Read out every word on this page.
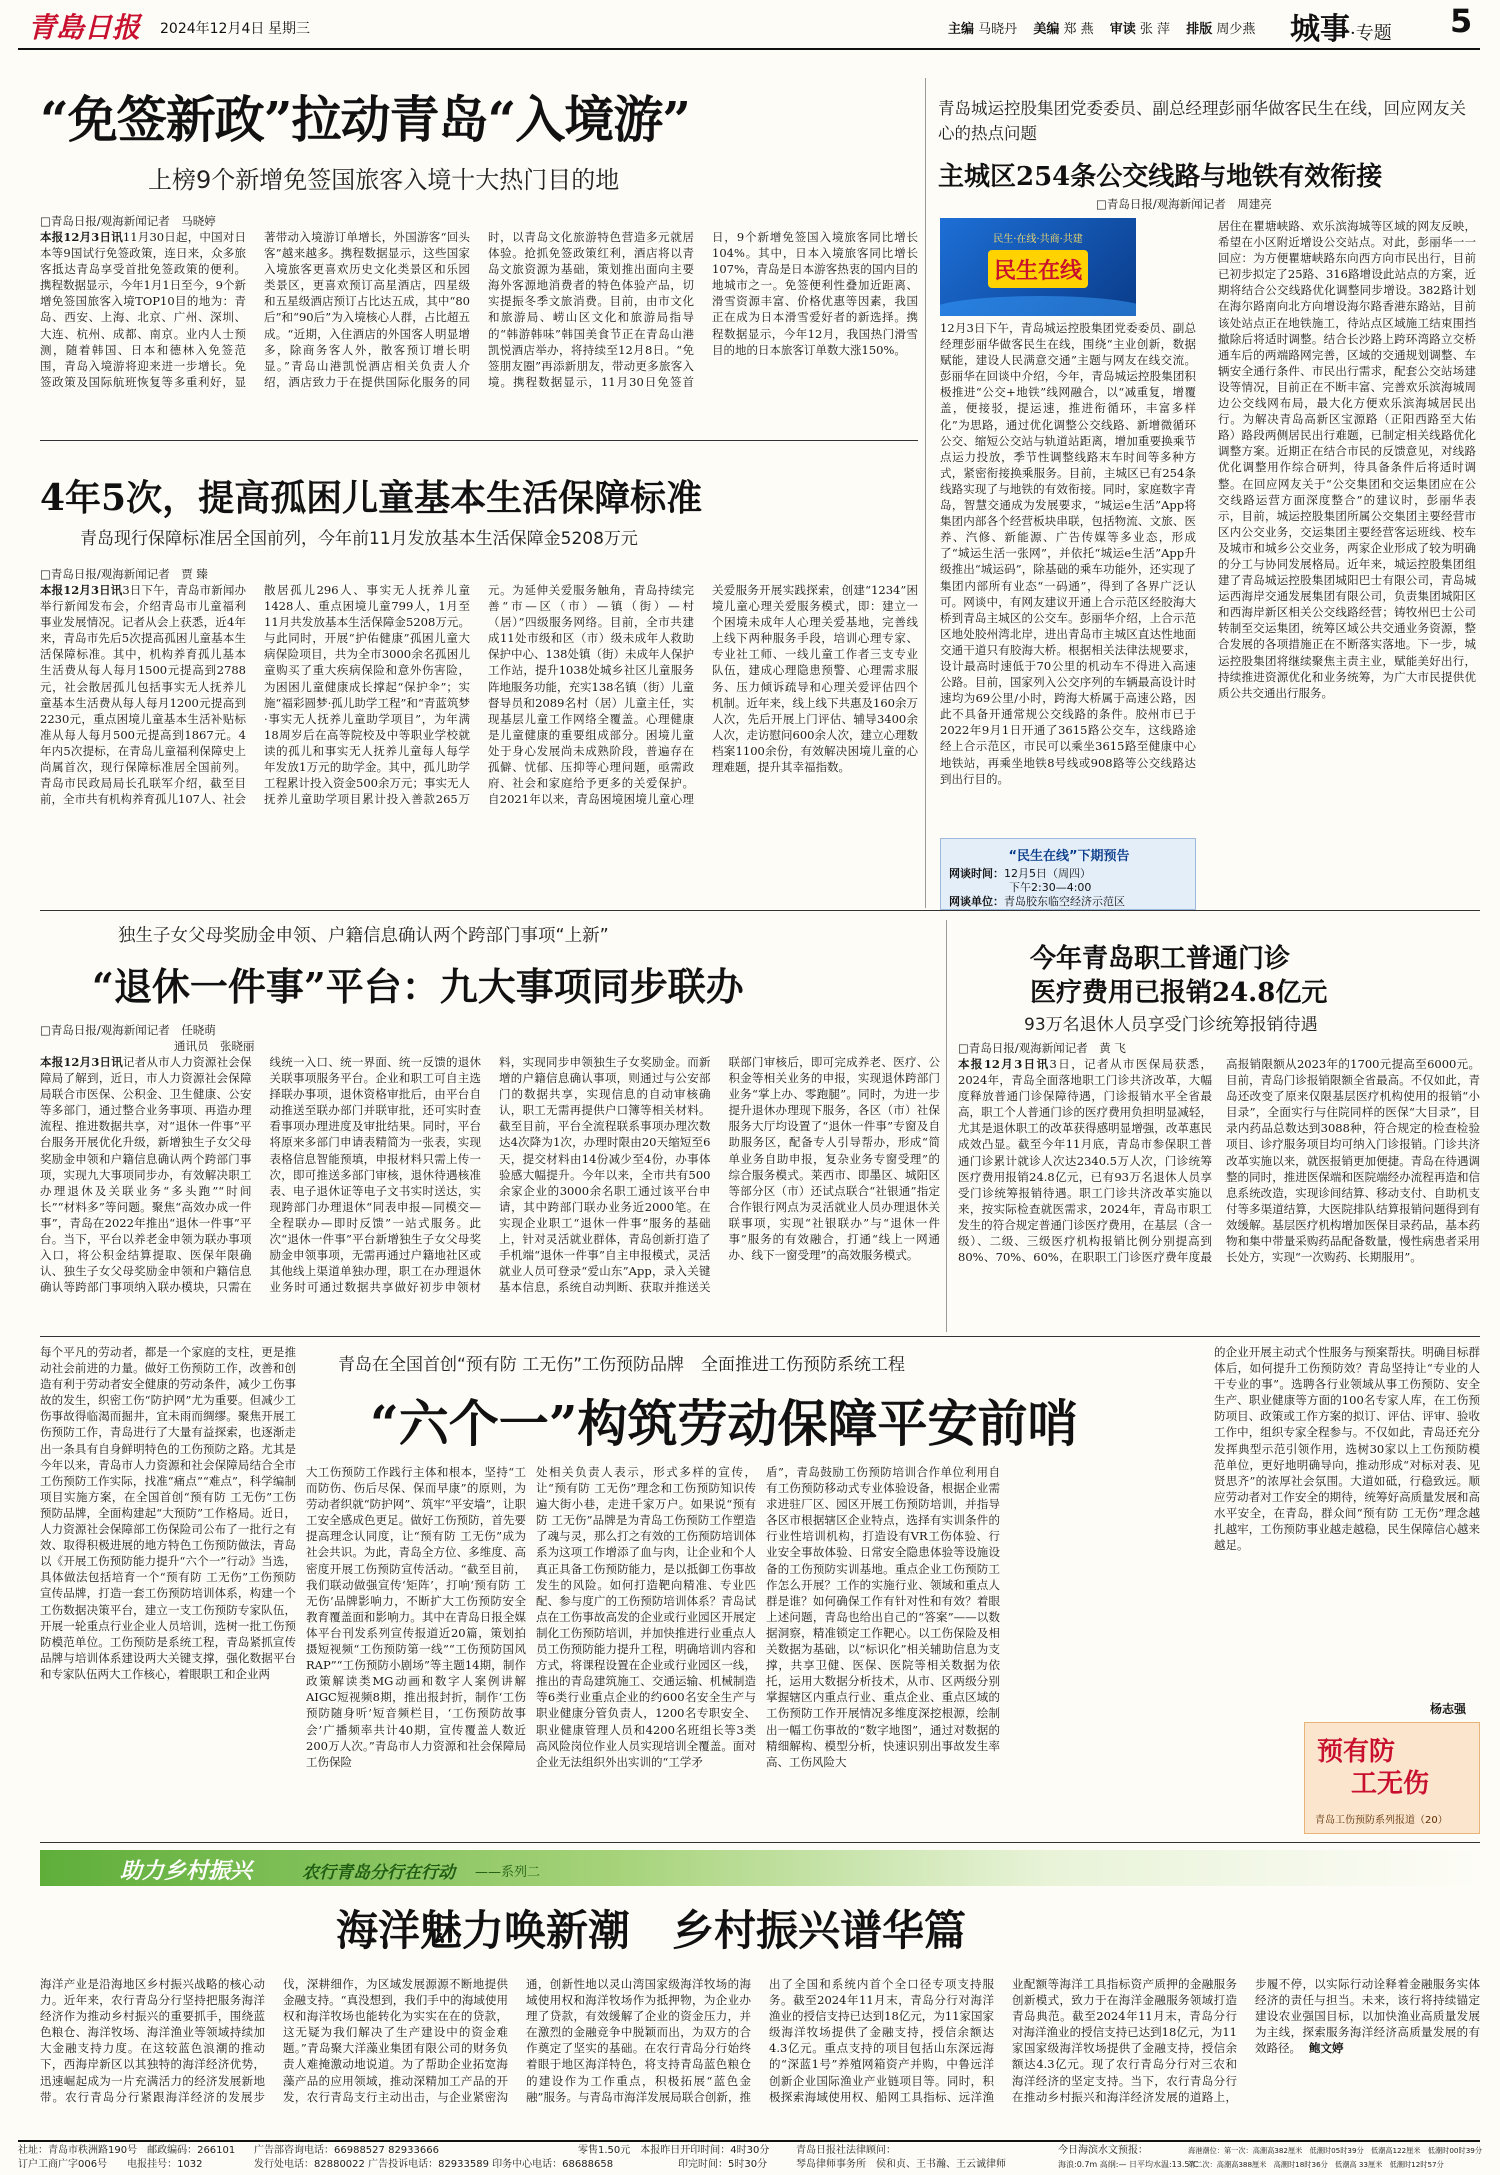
青島日报 2024年12月4日 星期三	主编 马晓丹 美编 郑 燕 审读 张 萍 排版 周少燕 城事·专题 5
“免签新政”拉动青岛“入境游”
上榜9个新增免签国旅客入境十大热门目的地
□青岛日报/观海新闻记者　马晓婷
本报12月3日讯11月30日起，中国对日本等9国试行免签政策，连日来，众多旅客抵达青岛享受首批免签政策的便利。携程数据显示，今年1月1日至今，9个新增免签国旅客入境TOP10目的地为：青岛、西安、上海、北京、广州、深圳、大连、杭州、成都、南京。业内人士预测，随着韩国、日本和德林入免签范围，青岛入境游将迎来进一步增长。免签政策及国际航班恢复等多重利好，显著带动入境游订单增长，外国游客“回头客”越来越多。携程数据显示，这些国家入境旅客更喜欢历史文化类景区和乐园类景区，更喜欢预订高星酒店，四星级和五星级酒店预订占比达五成，其中“80后”和“90后”为入境核心人群，占比超五成。“近期，入住酒店的外国客人明显增多，除商务客人外，散客预订增长明显。”青岛山港凯悦酒店相关负责人介绍，酒店致力于在提供国际化服务的同时，以青岛文化旅游特色营造多元就居体验。抢抓免签政策红利，酒店将以青岛文旅资源为基础，策划推出面向主要海外客源地消费者的特色体验产品，切实提振冬季文旅消费。目前，由市文化和旅游局、崂山区文化和旅游局指导的“韩游韩味”韩国美食节正在青岛山港凯悦酒店举办，将持续至12月8日。“免签朋友圈”再添新朋友，带动更多旅客入境。携程数据显示，11月30日免签首日，9个新增免签国入境旅客同比增长104%。其中，日本入境旅客同比增长107%，青岛是日本游客热衷的国内目的地城市之一。免签便利性叠加近距离、滑雪资源丰富、价格优惠等因素，我国正在成为日本滑雪爱好者的新选择。携程数据显示，今年12月，我国热门滑雪目的地的日本旅客订单数大涨150%。
4年5次，提高孤困儿童基本生活保障标准
青岛现行保障标准居全国前列，今年前11月发放基本生活保障金5208万元
□青岛日报/观海新闻记者　贾 臻
本报12月3日讯3日下午，青岛市新闻办举行新闻发布会，介绍青岛市儿童福利事业发展情况。记者从会上获悉，近4年来，青岛市先后5次提高孤困儿童基本生活保障标准。其中，机构养育孤儿基本生活费从每人每月1500元提高到2788元，社会散居孤儿包括事实无人抚养儿童基本生活费从每人每月1200元提高到2230元，重点困境儿童基本生活补贴标准从每人每月500元提高到1867元。4年内5次提标，在青岛儿童福利保障史上尚属首次，现行保障标准居全国前列。青岛市民政局局长孔联军介绍，截至目前，全市共有机构养育孤儿107人、社会散居孤儿296人、事实无人抚养儿童1428人、重点困境儿童799人，1月至11月共发放基本生活保障金5208万元。与此同时，开展“护佑健康”孤困儿童大病保险项目，共为全市3000余名孤困儿童购买了重大疾病保险和意外伤害险，为困困儿童健康成长撑起“保护伞”；实施“福彩圆梦·孤儿助学工程”和“青蓝筑梦·事实无人抚养儿童助学项目”，为年满18周岁后在高等院校及中等职业学校就读的孤儿和事实无人抚养儿童每人每学年发放1万元的助学金。其中，孤儿助学工程累计投入资金500余万元；事实无人抚养儿童助学项目累计投入善款265万元。为延伸关爱服务触角，青岛持续完善“市—区（市）—镇（街）—村（居）”四级服务网络。目前，全市共建成11处市级和区（市）级未成年人救助保护中心、138处镇（街）未成年人保护工作站，提升1038处城乡社区儿童服务阵地服务功能，充实138名镇（街）儿童督导员和2089名村（居）儿童主任，实现基层儿童工作网络全覆盖。心理健康是儿童健康的重要组成部分。困境儿童处于身心发展尚未成熟阶段，普遍存在孤僻、忧郁、压抑等心理问题，亟需政府、社会和家庭给予更多的关爱保护。自2021年以来，青岛困境困境儿童心理关爱服务开展实践探索，创建“1234”困境儿童心理关爱服务模式，即：建立一个困境未成年人心理关爱基地，完善线上线下两种服务手段，培训心理专家、专业社工师、一线儿童工作者三支专业队伍，建成心理隐患预警、心理需求服务、压力倾诉疏导和心理关爱评估四个机制。近年来，线上线下共惠及160余万人次，先后开展上门评估、辅导3400余人次，走访慰问600余人次，建立心理数档案1100余份，有效解决困境儿童的心理难题，提升其幸福指数。
青岛城运控股集团党委委员、副总经理彭丽华做客民生在线，回应网友关心的热点问题
主城区254条公交线路与地铁有效衔接
□青岛日报/观海新闻记者　周建亮
民生·在线·共商·共建
民生在线
居住在瞿塘峡路、欢乐滨海城等区域的网友反映，希望在小区附近增设公交站点。对此，彭丽华一一回应：为方便瞿塘峡路东向西方向市民出行，目前已初步拟定了25路、316路增设此站点的方案，近期将结合公交线路优化调整同步增设。382路计划在海尔路南向北方向增设海尔路香港东路站，目前该处站点正在地铁施工，待站点区域施工结束围挡撤除后将适时调整。结合长沙路上跨环湾路立交桥通车后的两端路网完善，区域的交通规划调整、车辆安全通行条件、市民出行需求，配套公交站场建设等情况，目前正在不断丰富、完善欢乐滨海城周边公交线网布局，最大化方便欢乐滨海城居民出行。为解决青岛高新区宝源路（正阳西路至大佑路）路段两侧居民出行难题，已制定相关线路优化调整方案。近期正在结合市民的反馈意见，对线路优化调整用作综合研判，待具备条件后将适时调整。在回应网友关于“公交集团和交运集团应在公交线路运营方面深度整合”的建议时，彭丽华表示，目前，城运控股集团所属公交集团主要经营市区内公交业务，交运集团主要经营客运班线、校车及城市和城乡公交业务，两家企业形成了较为明确的分工与协同发展格局。近年来，城运控股集团组建了青岛城运控股集团城阳巴士有限公司，青岛城运西海岸交通发展集团有限公司，负责集团城阳区和西海岸新区相关公交线路经营；铸牧州巴士公司转制至交运集团，统筹区域公共交通业务资源，整合发展的各项措施正在不断落实落地。下一步，城运控股集团将继续聚焦主责主业，赋能美好出行，持续推进资源优化和业务统筹，为广大市民提供优质公共交通出行服务。
12月3日下午，青岛城运控股集团党委委员、副总经理彭丽华做客民生在线，围绕“主业创新，数据赋能，建设人民满意交通”主题与网友在线交流。彭丽华在回谈中介绍，今年，青岛城运控股集团积极推进“公交+地铁”线网融合，以“减重复，增覆盖，便接驳，提运速，推进衔循环，丰富多样化”为思路，通过优化调整公交线路、新增微循环公交、缩短公交站与轨道站距离，增加重要换乘节点运力投放，季节性调整线路末车时间等多种方式，紧密衔接换乘服务。目前，主城区已有254条线路实现了与地铁的有效衔接。同时，家庭数字青岛，智慧交通成为发展要求，“城运e生活”App将集团内部各个经营板块串联，包括物流、文旅、医养、汽修、新能源、广告传媒等多业态，形成了“城运生活一张网”，并依托“城运e生活”App升级推出“城运码”，除基础的乘车功能外，还实现了集团内部所有业态“一码通”，得到了各界广泛认可。网谈中，有网友建议开通上合示范区经胶海大桥到青岛主城区的公交车。彭丽华介绍，上合示范区地处胶州湾北岸，进出青岛市主城区直达性地面交通干道只有胶海大桥。根据相关法律法规要求，设计最高时速低于70公里的机动车不得进入高速公路。目前，国家列入公交序列的车辆最高设计时速均为69公里/小时，跨海大桥属于高速公路，因此不具备开通常规公交线路的条件。胶州市已于2022年9月1日开通了3615路公交车，这线路途经上合示范区，市民可以乘坐3615路至健康中心地铁站，再乘坐地铁8号线或908路等公交线路达到出行目的。
“民生在线”下期预告
网谈时间：12月5日（周四）
下午2:30—4:00
网谈单位：青岛胶东临空经济示范区
独生子女父母奖励金申领、户籍信息确认两个跨部门事项“上新”
“退休一件事”平台：九大事项同步联办
□青岛日报/观海新闻记者　任晓萌
通讯员　张晓丽
本报12月3日讯记者从市人力资源社会保障局了解到，近日，市人力资源社会保障局联合市医保、公积金、卫生健康、公安等多部门，通过整合业务事项、再造办理流程、推进数据共享，对“退休一件事”平台服务开展优化升级，新增独生子女父母奖励金申领和户籍信息确认两个跨部门事项，实现九大事项同步办，有效解决职工办理退休及关联业务“多头跑”“时间长”“材料多”等问题。聚焦“高效办成一件事”，青岛在2022年推出“退休一件事”平台。当下，平台以养老金申领为联办事项入口，将公积金结算提取、医保年限确认、独生子女父母奖励金申领和户籍信息确认等跨部门事项纳入联办模块，只需在线统一入口、统一界面、统一反馈的退休关联事项服务平台。企业和职工可自主选择联办事项，退休资格审批后，由平台自动推送至联办部门并联审批，还可实时查看事项办理进度及审批结果。同时，平台将原来多部门申请表精简为一张表，实现表格信息智能预填，申报材料只需上传一次，即可推送多部门审核，退休待遇核准表、电子退休证等电子文书实时送达，实现跨部门办理退休“同表申报—同模交—全程联办—即时反馈”一站式服务。此次“退休一件事”平台新增独生子女父母奖励金申领事项，无需再通过户籍地社区或其他线上渠道单独办理，职工在办理退休业务时可通过数据共享做好初步申领材料，实现同步申领独生子女奖励金。而新增的户籍信息确认事项，则通过与公安部门的数据共享，实现信息的自动审核确认，职工无需再提供户口簿等相关材料。截至目前，平台全流程联系事项办理次数达4次降为1次，办理时限由20天缩短至6天，提交材料由14份减少至4份，办事体验感大幅提升。今年以来，全市共有500余家企业的3000余名职工通过该平台申请，其中跨部门联办业务近2000笔。在实现企业职工“退休一件事”服务的基础上，针对灵活就业群体，青岛创新打造了手机端“退休一件事”自主申报模式，灵活就业人员可登录“爱山东”App，录入关键基本信息，系统自动判断、获取并推送关联部门审核后，即可完成养老、医疗、公积金等相关业务的申报，实现退休跨部门业务“掌上办、零跑腿”。同时，为进一步提升退休办理现下服务，各区（市）社保服务大厅均设置了“退休一件事”专窗及自助服务区，配备专人引导帮办，形成“简单业务自助申报，复杂业务专窗受理”的综合服务模式。莱西市、即墨区、城阳区等部分区（市）还试点联合“社银通”指定合作银行网点为灵活就业人员办理退休关联事项，实现“社银联办”与“退休一件事”服务的有效融合，打通“线上一网通办、线下一窗受理”的高效服务模式。
今年青岛职工普通门诊
医疗费用已报销24.8亿元
93万名退休人员享受门诊统筹报销待遇
□青岛日报/观海新闻记者　黄 飞
本报12月3日讯3日，记者从市医保局获悉，2024年，青岛全面落地职工门诊共济改革，大幅度释放普通门诊保障待遇，门诊报销水平全省最高，职工个人普通门诊的医疗费用负担明显减轻，尤其是退休职工的改革获得感明显增强，改革惠民成效凸显。截至今年11月底，青岛市参保职工普通门诊累计就诊人次达2340.5万人次，门诊统筹医疗费用报销24.8亿元，已有93万名退休人员享受门诊统筹报销待遇。职工门诊共济改革实施以来，按实际检查就医需求，2024年，青岛市职工发生的符合规定普通门诊医疗费用，在基层（含一级）、二级、三级医疗机构报销比例分别提高到80%、70%、60%，在职职工门诊医疗费年度最高报销限额从2023年的1700元提高至6000元。目前，青岛门诊报销限额全省最高。不仅如此，青岛还改变了原来仅限基层医疗机构使用的报销“小目录”，全面实行与住院同样的医保“大目录”，目录内药品总数达到3088种，符合规定的检查检验项目、诊疗服务项目均可纳入门诊报销。门诊共济改革实施以来，就医报销更加便捷。青岛在待遇调整的同时，推进医保端和医院端经办流程再造和信息系统改造，实现诊间结算、移动支付、自助机支付等多渠道结算，大医院排队结算报销问题得到有效缓解。基层医疗机构增加医保目录药品，基本药物和集中带量采购药品配备数量，慢性病患者采用长处方，实现“一次购药、长期服用”。
每个平凡的劳动者，都是一个家庭的支柱，更是推动社会前进的力量。做好工伤预防工作，改善和创造有利于劳动者安全健康的劳动条件，减少工伤事故的发生，织密工伤“防护网”尤为重要。但减少工伤事故得临渴而掘井，宜未雨而绸缪。聚焦开展工伤预防工作，青岛进行了大量有益探索，也逐渐走出一条具有自身鲜明特色的工伤预防之路。尤其是今年以来，青岛市人力资源和社会保障局结合全市工伤预防工作实际，找准“痛点”“难点”，科学编制项目实施方案，在全国首创“预有防 工无伤”工伤预防品牌，全面构建起“大预防”工作格局。近日，人力资源社会保障部工伤保险司公布了一批行之有效、取得积极进展的地方特色工伤预防做法，青岛以《开展工伤预防能力提升“六个一”行动》当选，具体做法包括培育一个“预有防 工无伤”工伤预防宣传品牌，打造一套工伤预防培训体系，构建一个工伤数据决策平台，建立一支工伤预防专家队伍，开展一轮重点行业企业人员培训，选树一批工伤预防模范单位。工伤预防是系统工程，青岛紧抓宣传品牌与培训体系建设两大关键支撑，强化数据平台和专家队伍两大工作核心，着眼职工和企业两
青岛在全国首创“预有防 工无伤”工伤预防品牌　全面推进工伤预防系统工程
“六个一”构筑劳动保障平安前哨
大工伤预防工作践行主体和根本，坚持“工而防伤、伤后尽保、保而早康”的原则，为劳动者织就“防护网”、筑牢“平安墙”，让职工安全感成色更足。做好工伤预防，首先要提高理念认同度，让“预有防 工无伤”成为社会共识。为此，青岛全方位、多维度、高密度开展工伤预防宣传活动。“截至目前，我们联动做强宣传‘矩阵’，打响‘预有防 工无伤’品牌影响力，不断扩大工伤预防安全教育覆盖面和影响力。其中在青岛日报全媒体平台刊发系列宣传报道近20篇，策划拍摄短视频“工伤预防第一线”“工伤预防国风RAP”“工伤预防小剧场”等主题14期，制作政策解读类MG动画和数字人案例讲解AIGC短视频8期，推出报封折，制作‘工伤预防随身听’短音频栏目，‘工伤预防故事会’广播频率共计40期，宣传覆盖人数近200万人次。”青岛市人力资源和社会保障局工伤保险
处相关负责人表示，形式多样的宣传，让“预有防 工无伤”理念和工伤预防知识传遍大街小巷，走进千家万户。如果说“预有防 工无伤”品牌是为青岛工伤预防工作塑造了魂与灵，那么打之有效的工伤预防培训体系为这项工作增添了血与肉，让企业和个人真正具备工伤预防能力，是以抵御工伤事故发生的风险。如何打造靶向精准、专业匹配、参与度广的工伤预防培训体系？青岛试点在工伤事故高发的企业或行业园区开展定制化工伤预防培训，并加快推进行业重点人员工伤预防能力提升工程，明确培训内容和方式，将课程设置在企业或行业园区一线，推出的青岛建筑施工、交通运输、机械制造等6类行业重点企业的约600名安全生产与职业健康分管负责人，1200名专职安全、职业健康管理人员和4200名班组长等3类高风险岗位作业人员实现培训全覆盖。面对企业无法组织外出实训的“工学矛
盾”，青岛鼓励工伤预防培训合作单位利用自有工伤预防移动式专业体验设备，根据企业需求进驻厂区、园区开展工伤预防培训，并指导各区市根据辖区企业特点，选择有实训条件的行业性培训机构，打造设有VR工伤体验、行业安全事故体验、日常安全隐患体验等设施设备的工伤预防实训基地。重点企业工伤预防工作怎么开展？工作的实施行业、领域和重点人群是谁？如何确保工作有针对性和有效？着眼上述问题，青岛也给出自己的“答案”——以数据洞察，精准锁定工作靶心。以工伤保险及相关数据为基础，以“标识化”相关辅助信息为支撑，共享卫健、医保、医院等相关数据为依托，运用大数据分析技术，从市、区两级分别掌握辖区内重点行业、重点企业、重点区域的工伤预防工作开展情况多维度深挖根源，绘制出一幅工伤事故的“数字地图”，通过对数据的精细解构、模型分析，快速识别出事故发生率高、工伤风险大
的企业开展主动式个性服务与预案帮扶。明确目标群体后，如何提升工伤预防效？青岛坚持让“专业的人干专业的事”。选聘各行业领域从事工伤预防、安全生产、职业健康等方面的100名专家人库，在工伤预防项目、政策或工作方案的拟订、评估、评审、验收工作中，组织专家全程参与。不仅如此，青岛还充分发挥典型示范引领作用，选树30家以上工伤预防模范单位，更好地明确导向，推动形成“对标对表、见贤思齐”的浓厚社会氛围。大道如砥，行稳致远。顺应劳动者对工作安全的期待，统筹好高质量发展和高水平安全，在青岛，群众间“预有防 工无伤”理念越扎越牢，工伤预防事业越走越稳，民生保障信心越来越足。
杨志强
预有防
工无伤
青岛工伤预防系列报道（20）
助力乡村振兴	农行青岛分行在行动 ——系列二
海洋魅力唤新潮　乡村振兴谱华篇
海洋产业是沿海地区乡村振兴战略的核心动力。近年来，农行青岛分行坚持把服务海洋经济作为推动乡村振兴的重要抓手，围绕蓝色粮仓、海洋牧场、海洋渔业等领域持续加大金融支持力度。在这较蓝色浪潮的推动下，西海岸新区以其独特的海洋经济优势，迅速崛起成为一片充满活力的经济发展新地带。农行青岛分行紧跟海洋经济的发展步伐，深耕细作，为区域发展源源不断地提供金融支持。“真没想到，我们手中的海域使用权和海洋牧场也能转化为实实在在的贷款，这无疑为我们解决了生产建设中的资金难题。”青岛聚大洋藻业集团有限公司的财务负责人难掩激动地说道。为了帮助企业拓宽海藻产品的应用领域，推动深精加工产品的开发，农行青岛支行主动出击，与企业紧密沟通，创新性地以灵山湾国家级海洋牧场的海域使用权和海洋牧场作为抵押物，为企业办理了贷款，有效缓解了企业的资金压力，并在激烈的金融竞争中脱颖而出，为双方的合作奠定了坚实的基础。在农行青岛分行始终着眼于地区海洋特色，将支持青岛蓝色粮仓的建设作为工作重点，积极拓展“蓝色金融”服务。与青岛市海洋发展局联合创新，推出了全国和系统内首个全口径专项支持服务。截至2024年11月末，青岛分行对海洋渔业的授信支持已达到18亿元，为11家国家级海洋牧场提供了金融支持，授信余额达4.3亿元。重点支持的项目包括山东深远海的“深蓝1号”养殖网箱资产并购，中鲁远洋创新企业国际渔业产业链项目等。同时，积极探索海域使用权、船网工具指标、远洋渔业配额等海洋工具指标资产质押的金融服务创新模式，致力于在海洋金融服务领域打造青岛典范。截至2024年11月末，青岛分行对海洋渔业的授信支持已达到18亿元，为11家国家级海洋牧场提供了金融支持，授信余额达4.3亿元。现了农行青岛分行对三农和海洋经济的坚定支持。当下，农行青岛分行在推动乡村振兴和海洋经济发展的道路上，步履不停，以实际行动诠释着金融服务实体经济的责任与担当。未来，该行将持续锚定建设农业强国目标，以加快渔业高质量发展为主线，探索服务海洋经济高质量发展的有效路径。 鲍文婷
社址：青岛市秩洲路190号　邮政编码：266101
订户工商广字006号　　电报挂号：1032
广告部咨询电话：66988527 82933666
发行处电话：82880022 广告投诉电话：82933589 印务中心电话：68688658
零售1.50元　本报昨日开印时间：4时30分
印完时间：5时30分
青岛日报社法律顾问：
琴岛律师事务所　侯和贞、王书瀚、王云诚律师
今日海滨水文预报：
海浪:0.7m 高纲:— 日平均水温:13.5℃
海港潮位：第一次：高潮高382厘米　低潮时05时39分　低潮高122厘米　低潮时00时39分
第二次：高潮高388厘米　高潮时18时36分　低潮高 33厘米　低潮时12时57分
